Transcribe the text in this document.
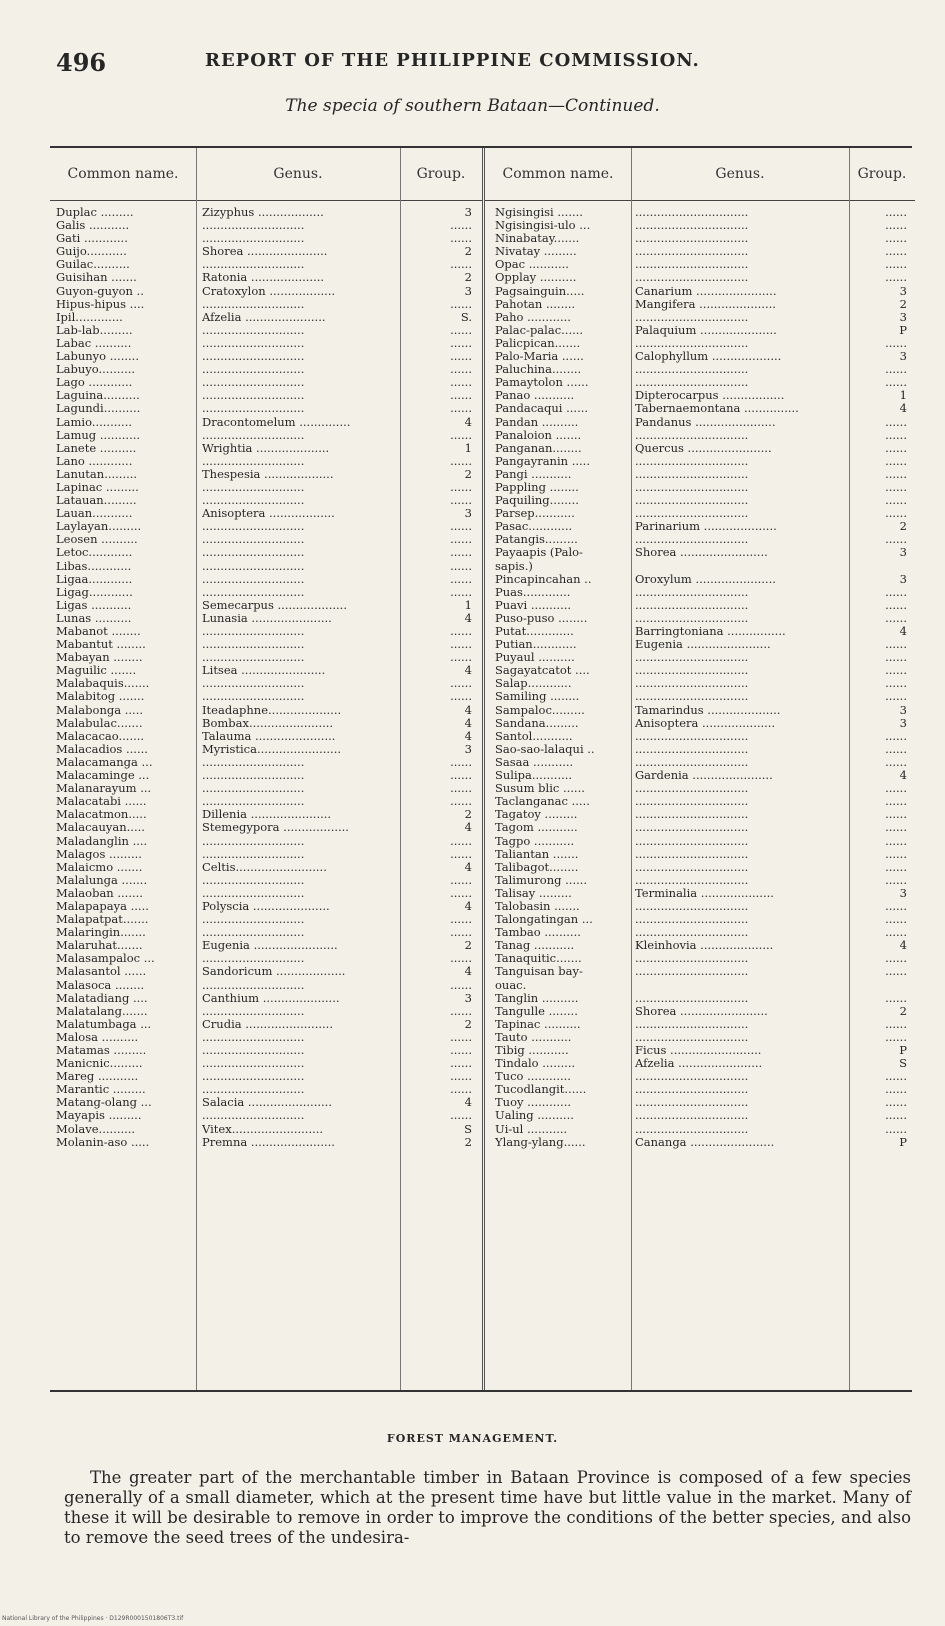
496	REPORT OF THE PHILIPPINE COMMISSION.
The specia of southern Bataan—Continued.
Common name.	Genus.	Group.
Duplac .........	Zizyphus ..................	3
Galis ...........	............................	......
Gati ............	............................	......
Guijo...........	Shorea ......................	2
Guilac..........	............................	......
Guisihan .......	Ratonia ....................	2
Guyon-guyon ..	Cratoxylon ..................	3
Hipus-hipus ....	............................	......
Ipil.............	Afzelia ......................	S.
Lab-lab.........	............................	......
Labac ..........	............................	......
Labunyo ........	............................	......
Labuyo..........	............................	......
Lago ............	............................	......
Laguina..........	............................	......
Lagundi..........	............................	......
Lamio...........	Dracontomelum ..............	4
Lamug ...........	............................	......
Lanete ..........	Wrightia ....................	1
Lano ............	............................	......
Lanutan.........	Thespesia ...................	2
Lapinac .........	............................	......
Latauan.........	............................	......
Lauan...........	Anisoptera ..................	3
Laylayan.........	............................	......
Leosen ..........	............................	......
Letoc............	............................	......
Libas............	............................	......
Ligaa............	............................	......
Ligag............	............................	......
Ligas ...........	Semecarpus ...................	1
Lunas ..........	Lunasia ......................	4
Mabanot ........	............................	......
Mabantut ........	............................	......
Mabayan ........	............................	......
Maguilic .......	Litsea .......................	4
Malabaquis.......	............................	......
Malabitog .......	............................	......
Malabonga .....	Iteadaphne....................	4
Malabulac.......	Bombax.......................	4
Malacacao.......	Talauma ......................	4
Malacadios ......	Myristica.......................	3
Malacamanga ...	............................	......
Malacaminge ...	............................	......
Malanarayum ...	............................	......
Malacatabi ......	............................	......
Malacatmon.....	Dillenia ......................	2
Malacauyan.....	Stemegypora ..................	4
Maladanglin ....	............................	......
Malagos .........	............................	......
Malaicmo .......	Celtis.........................	4
Malalunga .......	............................	......
Malaoban .......	............................	......
Malapapaya .....	Polyscia .....................	4
Malapatpat.......	............................	......
Malaringin.......	............................	......
Malaruhat.......	Eugenia .......................	2
Malasampaloc ...	............................	......
Malasantol ......	Sandoricum ...................	4
Malasoca ........	............................	......
Malatadiang ....	Canthium .....................	3
Malatalang.......	............................	......
Malatumbaga ...	Crudia ........................	2
Malosa ..........	............................	......
Matamas .........	............................	......
Manicnic.........	............................	......
Mareg ...........	............................	......
Marantic .........	............................	......
Matang-olang ...	Salacia .......................	4
Mayapis .........	............................	......
Molave..........	Vitex.........................	S
Molanin-aso .....	Premna .......................	2
Common name.	Genus.	Group.
Ngisingisi .......	...............................	......
Ngisingisi-ulo ...	...............................	......
Ninabatay.......	...............................	......
Nivatay .........	...............................	......
Opac ...........	...............................	......
Opplay ..........	...............................	......
Pagsainguin.....	Canarium ......................	3
Pahotan ........	Mangifera .....................	2
Paho ............	...............................	3
Palac-palac......	Palaquium .....................	P
Palicpican.......	...............................	......
Palo-Maria ......	Calophyllum ...................	3
Paluchina........	...............................	......
Pamaytolon ......	...............................	......
Panao ...........	Dipterocarpus .................	1
Pandacaqui ......	Tabernaemontana ...............	4
Pandan ..........	Pandanus ......................	......
Panaloion .......	...............................	......
Panganan........	Quercus .......................	......
Pangayranin .....	...............................	......
Pangi ...........	...............................	......
Pappling ........	...............................	......
Paquiling........	...............................	......
Parsep...........	...............................	......
Pasac............	Parinarium ....................	2
Patangis.........	...............................	......
Payaapis (Palo-	Shorea ........................	3
sapis.)
Pincapincahan ..	Oroxylum ......................	3
Puas.............	...............................	......
Puavi ...........	...............................	......
Puso-puso ........	...............................	......
Putat.............	Barringtoniana ................	4
Putian............	Eugenia .......................	......
Puyaul ..........	...............................	......
Sagayatcatot ....	...............................	......
Salap............	...............................	......
Samiling ........	...............................	......
Sampaloc.........	Tamarindus ....................	3
Sandana.........	Anisoptera ....................	3
Santol...........	...............................	......
Sao-sao-lalaqui ..	...............................	......
Sasaa ...........	...............................	......
Sulipa...........	Gardenia ......................	4
Susum blic ......	...............................	......
Taclanganac .....	...............................	......
Tagatoy .........	...............................	......
Tagom ...........	...............................	......
Tagpo ...........	...............................	......
Taliantan .......	...............................	......
Talibagot........	...............................	......
Talimurong ......	...............................	......
Talisay .........	Terminalia ....................	3
Talobasin .......	...............................	......
Talongatingan ...	...............................	......
Tambao ..........	...............................	......
Tanag ...........	Kleinhovia ....................	4
Tanaquitic.......	...............................	......
Tanguisan bay-	...............................	......
ouac.
Tanglin ..........	...............................	......
Tangulle ........	Shorea ........................	2
Tapinac ..........	...............................	......
Tauto ...........	...............................	......
Tibig ...........	Ficus .........................	P
Tindalo .........	Afzelia .......................	S
Tuco ............	...............................	......
Tucodlangit......	...............................	......
Tuoy ............	...............................	......
Ualing ..........	...............................	......
Ui-ul ...........	...............................	......
Ylang-ylang......	Cananga .......................	P
FOREST MANAGEMENT.
The greater part of the merchantable timber in Bataan Province is composed of a few species generally of a small diameter, which at the present time have but little value in the market. Many of these it will be desirable to remove in order to improve the conditions of the better species, and also to remove the seed trees of the undesira-
National Library of the Philippines · D129R0001501806T3.tif
